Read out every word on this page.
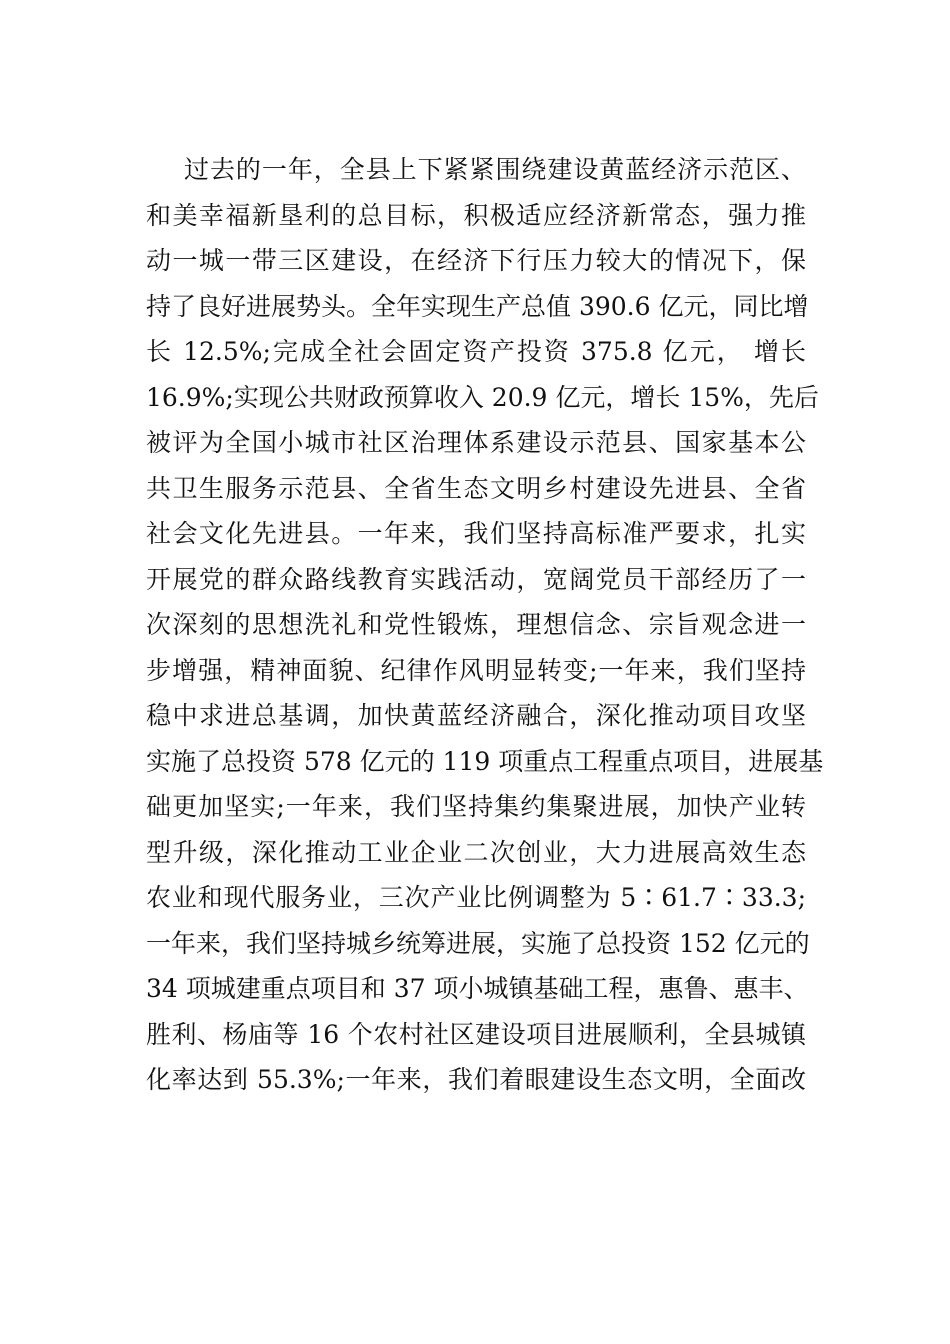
过去的一年，全县上下紧紧围绕建设黄蓝经济示范区、
和美幸福新垦利的总目标，积极适应经济新常态，强力推
动一城一带三区建设，在经济下行压力较大的情况下，保
持了良好进展势头。全年实现生产总值 390.6 亿元，同比增
长 12.5%;完成全社会固定资产投资 375.8 亿元， 增长
16.9%;实现公共财政预算收入 20.9 亿元，增长 15%，先后
被评为全国小城市社区治理体系建设示范县、国家基本公
共卫生服务示范县、全省生态文明乡村建设先进县、全省
社会文化先进县。一年来，我们坚持高标准严要求，扎实
开展党的群众路线教育实践活动，宽阔党员干部经历了一
次深刻的思想洗礼和党性锻炼，理想信念、宗旨观念进一
步增强，精神面貌、纪律作风明显转变;一年来，我们坚持
稳中求进总基调，加快黄蓝经济融合，深化推动项目攻坚
实施了总投资 578 亿元的 119 项重点工程重点项目，进展基
础更加坚实;一年来，我们坚持集约集聚进展，加快产业转
型升级，深化推动工业企业二次创业，大力进展高效生态
农业和现代服务业，三次产业比例调整为 5∶61.7∶33.3;
一年来，我们坚持城乡统筹进展，实施了总投资 152 亿元的
34 项城建重点项目和 37 项小城镇基础工程，惠鲁、惠丰、
胜利、杨庙等 16 个农村社区建设项目进展顺利，全县城镇
化率达到 55.3%;一年来，我们着眼建设生态文明，全面改
